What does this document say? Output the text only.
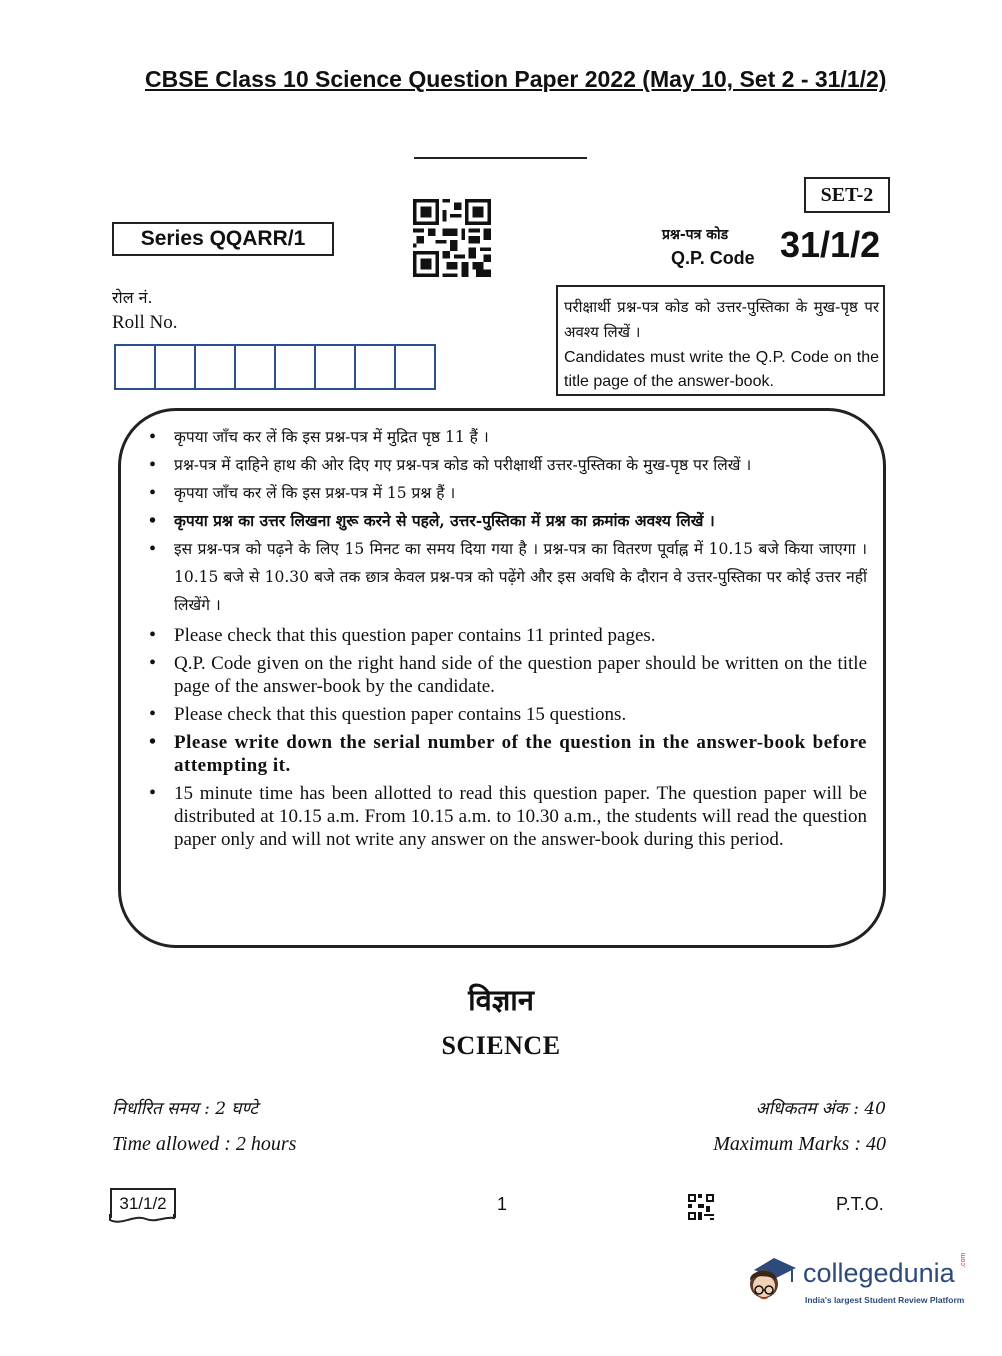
CBSE Class 10 Science Question Paper 2022 (May 10, Set 2 - 31/1/2)
SET-2
Series QQARR/1	प्रश्न-पत्र कोड
Q.P. Code 31/1/2
रोल नं.
Roll No.
परीक्षार्थी प्रश्न-पत्र कोड को उत्तर-पुस्तिका के मुख-पृष्ठ पर अवश्य लिखें ।
Candidates must write the Q.P. Code on the title page of the answer-book.
• कृपया जाँच कर लें कि इस प्रश्न-पत्र में मुद्रित पृष्ठ 11 हैं ।
• प्रश्न-पत्र में दाहिने हाथ की ओर दिए गए प्रश्न-पत्र कोड को परीक्षार्थी उत्तर-पुस्तिका के मुख-पृष्ठ पर लिखें ।
• कृपया जाँच कर लें कि इस प्रश्न-पत्र में 15 प्रश्न हैं ।
• कृपया प्रश्न का उत्तर लिखना शुरू करने से पहले, उत्तर-पुस्तिका में प्रश्न का क्रमांक अवश्य लिखें ।
• इस प्रश्न-पत्र को पढ़ने के लिए 15 मिनट का समय दिया गया है । प्रश्न-पत्र का वितरण पूर्वाह्न में 10.15 बजे किया जाएगा । 10.15 बजे से 10.30 बजे तक छात्र केवल प्रश्न-पत्र को पढ़ेंगे और इस अवधि के दौरान वे उत्तर-पुस्तिका पर कोई उत्तर नहीं लिखेंगे ।
• Please check that this question paper contains 11 printed pages.
• Q.P. Code given on the right hand side of the question paper should be written on the title page of the answer-book by the candidate.
• Please check that this question paper contains 15 questions.
• Please write down the serial number of the question in the answer-book before attempting it.
• 15 minute time has been allotted to read this question paper. The question paper will be distributed at 10.15 a.m. From 10.15 a.m. to 10.30 a.m., the students will read the question paper only and will not write any answer on the answer-book during this period.
विज्ञान
SCIENCE
निर्धारित समय : 2 घण्टे
Time allowed : 2 hours
अधिकतम अंक : 40
Maximum Marks : 40
31/1/2	1	P.T.O.
collegedunia .com
India's largest Student Review Platform
